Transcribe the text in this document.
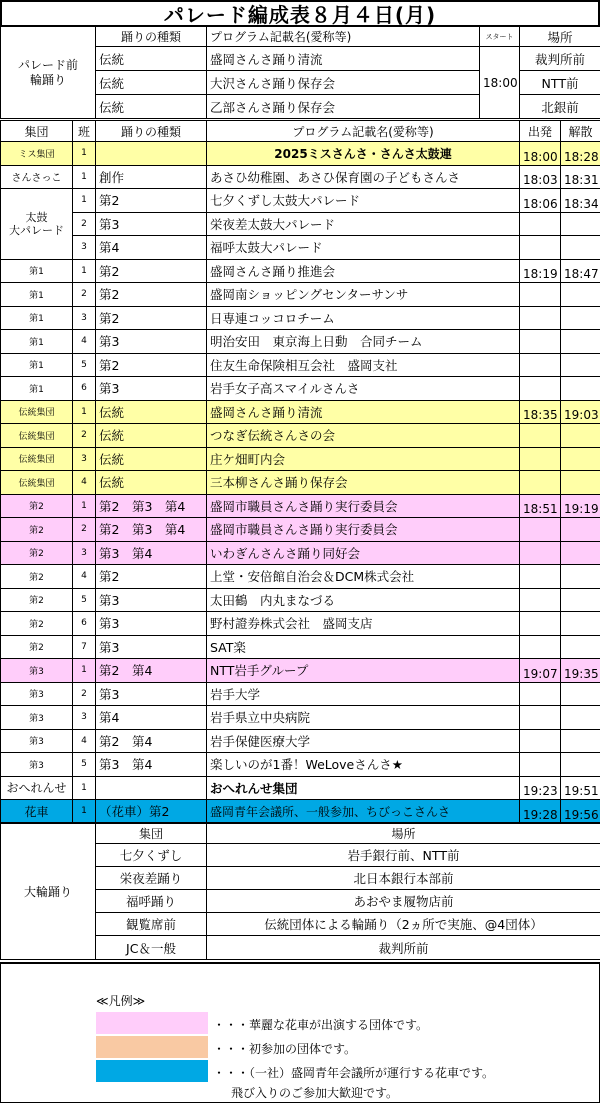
パレード編成表８月４日(月)
パレード前
輪踊り	踊りの種類	プログラム記載名(愛称等)	スタート	場所
	伝統	盛岡さんさ踊り清流	18:00	裁判所前
	伝統	大沢さんさ踊り保存会		NTT前
	伝統	乙部さんさ踊り保存会		北銀前
集団	班	踊りの種類	プログラム記載名(愛称等)	出発	解散
ミス集団	1		2025ミスさんさ・さんさ太鼓連	18:00	18:28
さんさっこ	1	創作	あさひ幼稚園、あさひ保育園の子どもさんさ	18:03	18:31
太鼓
大パレード	1	第2	七夕くずし太鼓大パレード	18:06	18:34
	2	第3	栄夜差太鼓大パレード		
	3	第4	福呼太鼓大パレード		
第1	1	第2	盛岡さんさ踊り推進会	18:19	18:47
第1	2	第2	盛岡南ショッピングセンターサンサ		
第1	3	第2	日専連コッコロチーム		
第1	4	第3	明治安田　東京海上日動　合同チーム		
第1	5	第2	住友生命保険相互会社　盛岡支社		
第1	6	第3	岩手女子高スマイルさんさ		
伝統集団	1	伝統	盛岡さんさ踊り清流	18:35	19:03
伝統集団	2	伝統	つなぎ伝統さんさの会		
伝統集団	3	伝統	庄ケ畑町内会		
伝統集団	4	伝統	三本柳さんさ踊り保存会		
第2	1	第2　第3　第4	盛岡市職員さんさ踊り実行委員会	18:51	19:19
第2	2	第2　第3　第4	盛岡市職員さんさ踊り実行委員会		
第2	3	第3　第4	いわぎんさんさ踊り同好会		
第2	4	第2	上堂・安倍館自治会＆DCM株式会社		
第2	5	第3	太田鶴　内丸まなづる		
第2	6	第3	野村證券株式会社　盛岡支店		
第2	7	第3	SAT楽		
第3	1	第2　第4	NTT岩手グループ	19:07	19:35
第3	2	第3	岩手大学		
第3	3	第4	岩手県立中央病院		
第3	4	第2　第4	岩手保健医療大学		
第3	5	第3　第4	楽しいのが1番！WeLoveさんさ★		
おへれんせ	1		おへれんせ集団	19:23	19:51
花車	1	（花車）第2	盛岡青年会議所、一般参加、ちびっこさんさ	19:28	19:56
大輪踊り	集団	場所
	七夕くずし	岩手銀行前、NTT前
	栄夜差踊り	北日本銀行本部前
	福呼踊り	あおやま履物店前
	観覧席前	伝統団体による輪踊り（2ヵ所で実施、@4団体）
	JC＆一般	裁判所前
≪凡例≫
・・・華麗な花車が出演する団体です。
・・・初参加の団体です。
・・・（一社）盛岡青年会議所が運行する花車です。
飛び入りのご参加大歓迎です。
